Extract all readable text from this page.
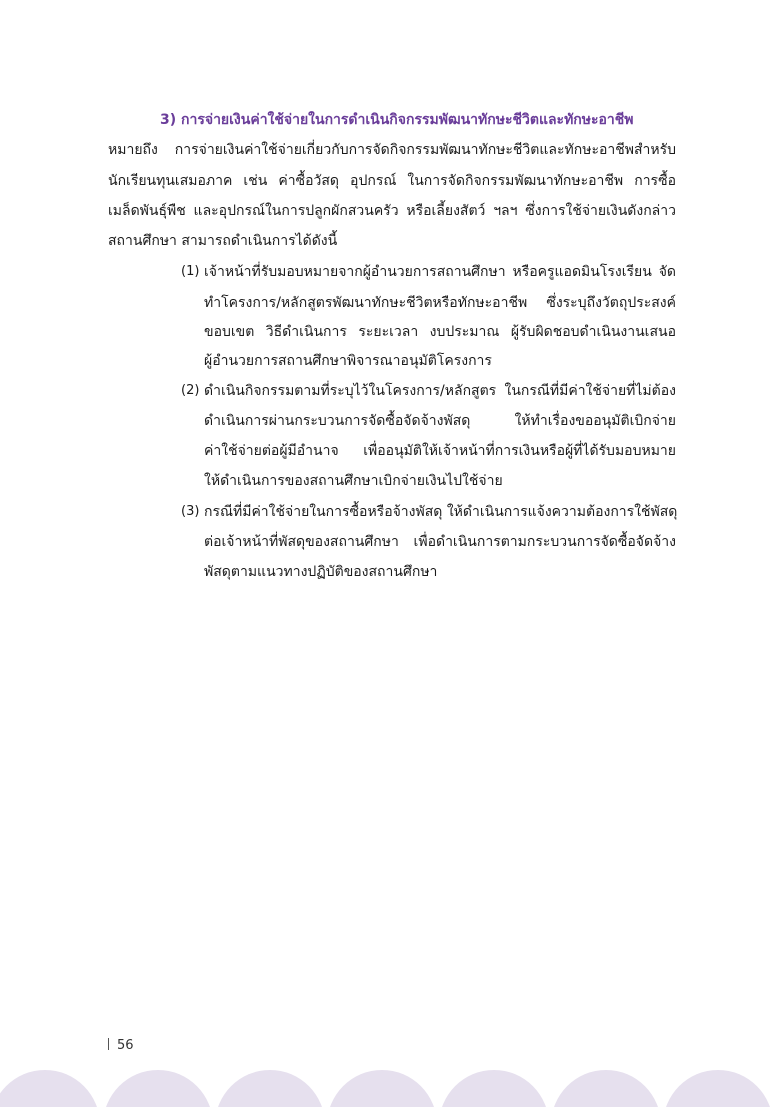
3) การจ่ายเงินค่าใช้จ่ายในการดำเนินกิจกรรมพัฒนาทักษะชีวิตและทักษะอาชีพ
หมายถึง การจ่ายเงินค่าใช้จ่ายเกี่ยวกับการจัดกิจกรรมพัฒนาทักษะชีวิตและทักษะอาชีพสำหรับ
นักเรียนทุนเสมอภาค เช่น ค่าซื้อวัสดุ อุปกรณ์ ในการจัดกิจกรรมพัฒนาทักษะอาชีพ การซื้อ
เมล็ดพันธุ์พืช และอุปกรณ์ในการปลูกผักสวนครัว หรือเลี้ยงสัตว์ ฯลฯ ซึ่งการใช้จ่ายเงินดังกล่าว
สถานศึกษา สามารถดำเนินการได้ดังนี้
(1) เจ้าหน้าที่รับมอบหมายจากผู้อำนวยการสถานศึกษา หรือครูแอดมินโรงเรียน จัด
ทำโครงการ/หลักสูตรพัฒนาทักษะชีวิตหรือทักษะอาชีพ ซึ่งระบุถึงวัตถุประสงค์
ขอบเขต วิธีดำเนินการ ระยะเวลา งบประมาณ ผู้รับผิดชอบดำเนินงานเสนอ
ผู้อำนวยการสถานศึกษาพิจารณาอนุมัติโครงการ
(2) ดำเนินกิจกรรมตามที่ระบุไว้ในโครงการ/หลักสูตร ในกรณีที่มีค่าใช้จ่ายที่ไม่ต้อง
ดำเนินการผ่านกระบวนการจัดซื้อจัดจ้างพัสดุ ให้ทำเรื่องขออนุมัติเบิกจ่าย
ค่าใช้จ่ายต่อผู้มีอำนาจ เพื่ออนุมัติให้เจ้าหน้าที่การเงินหรือผู้ที่ได้รับมอบหมาย
ให้ดำเนินการของสถานศึกษาเบิกจ่ายเงินไปใช้จ่าย
(3) กรณีที่มีค่าใช้จ่ายในการซื้อหรือจ้างพัสดุ ให้ดำเนินการแจ้งความต้องการใช้พัสดุ
ต่อเจ้าหน้าที่พัสดุของสถานศึกษา เพื่อดำเนินการตามกระบวนการจัดซื้อจัดจ้าง
พัสดุตามแนวทางปฏิบัติของสถานศึกษา
56
